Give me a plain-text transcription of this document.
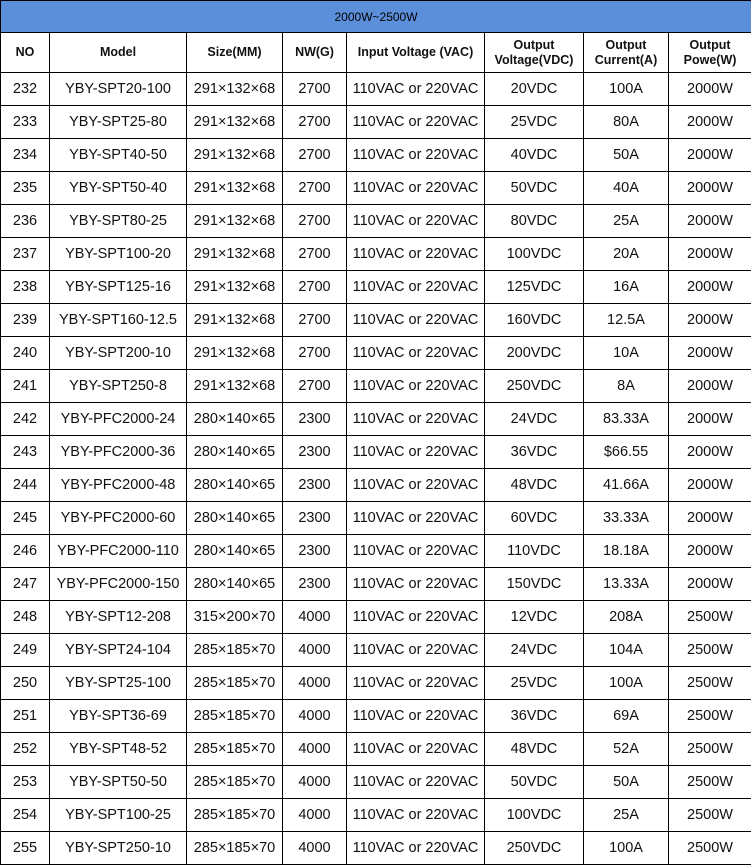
2000W~2500W							
NO	Model	Size(MM)	NW(G)	Input Voltage (VAC)	Output Voltage(VDC)	Output Current(A)	Output Powe(W)
232	YBY-SPT20-100	291×132×68	2700	110VAC or 220VAC	20VDC	100A	2000W
233	YBY-SPT25-80	291×132×68	2700	110VAC or 220VAC	25VDC	80A	2000W
234	YBY-SPT40-50	291×132×68	2700	110VAC or 220VAC	40VDC	50A	2000W
235	YBY-SPT50-40	291×132×68	2700	110VAC or 220VAC	50VDC	40A	2000W
236	YBY-SPT80-25	291×132×68	2700	110VAC or 220VAC	80VDC	25A	2000W
237	YBY-SPT100-20	291×132×68	2700	110VAC or 220VAC	100VDC	20A	2000W
238	YBY-SPT125-16	291×132×68	2700	110VAC or 220VAC	125VDC	16A	2000W
239	YBY-SPT160-12.5	291×132×68	2700	110VAC or 220VAC	160VDC	12.5A	2000W
240	YBY-SPT200-10	291×132×68	2700	110VAC or 220VAC	200VDC	10A	2000W
241	YBY-SPT250-8	291×132×68	2700	110VAC or 220VAC	250VDC	8A	2000W
242	YBY-PFC2000-24	280×140×65	2300	110VAC or 220VAC	24VDC	83.33A	2000W
243	YBY-PFC2000-36	280×140×65	2300	110VAC or 220VAC	36VDC	$66.55	2000W
244	YBY-PFC2000-48	280×140×65	2300	110VAC or 220VAC	48VDC	41.66A	2000W
245	YBY-PFC2000-60	280×140×65	2300	110VAC or 220VAC	60VDC	33.33A	2000W
246	YBY-PFC2000-110	280×140×65	2300	110VAC or 220VAC	110VDC	18.18A	2000W
247	YBY-PFC2000-150	280×140×65	2300	110VAC or 220VAC	150VDC	13.33A	2000W
248	YBY-SPT12-208	315×200×70	4000	110VAC or 220VAC	12VDC	208A	2500W
249	YBY-SPT24-104	285×185×70	4000	110VAC or 220VAC	24VDC	104A	2500W
250	YBY-SPT25-100	285×185×70	4000	110VAC or 220VAC	25VDC	100A	2500W
251	YBY-SPT36-69	285×185×70	4000	110VAC or 220VAC	36VDC	69A	2500W
252	YBY-SPT48-52	285×185×70	4000	110VAC or 220VAC	48VDC	52A	2500W
253	YBY-SPT50-50	285×185×70	4000	110VAC or 220VAC	50VDC	50A	2500W
254	YBY-SPT100-25	285×185×70	4000	110VAC or 220VAC	100VDC	25A	2500W
255	YBY-SPT250-10	285×185×70	4000	110VAC or 220VAC	250VDC	100A	2500W
